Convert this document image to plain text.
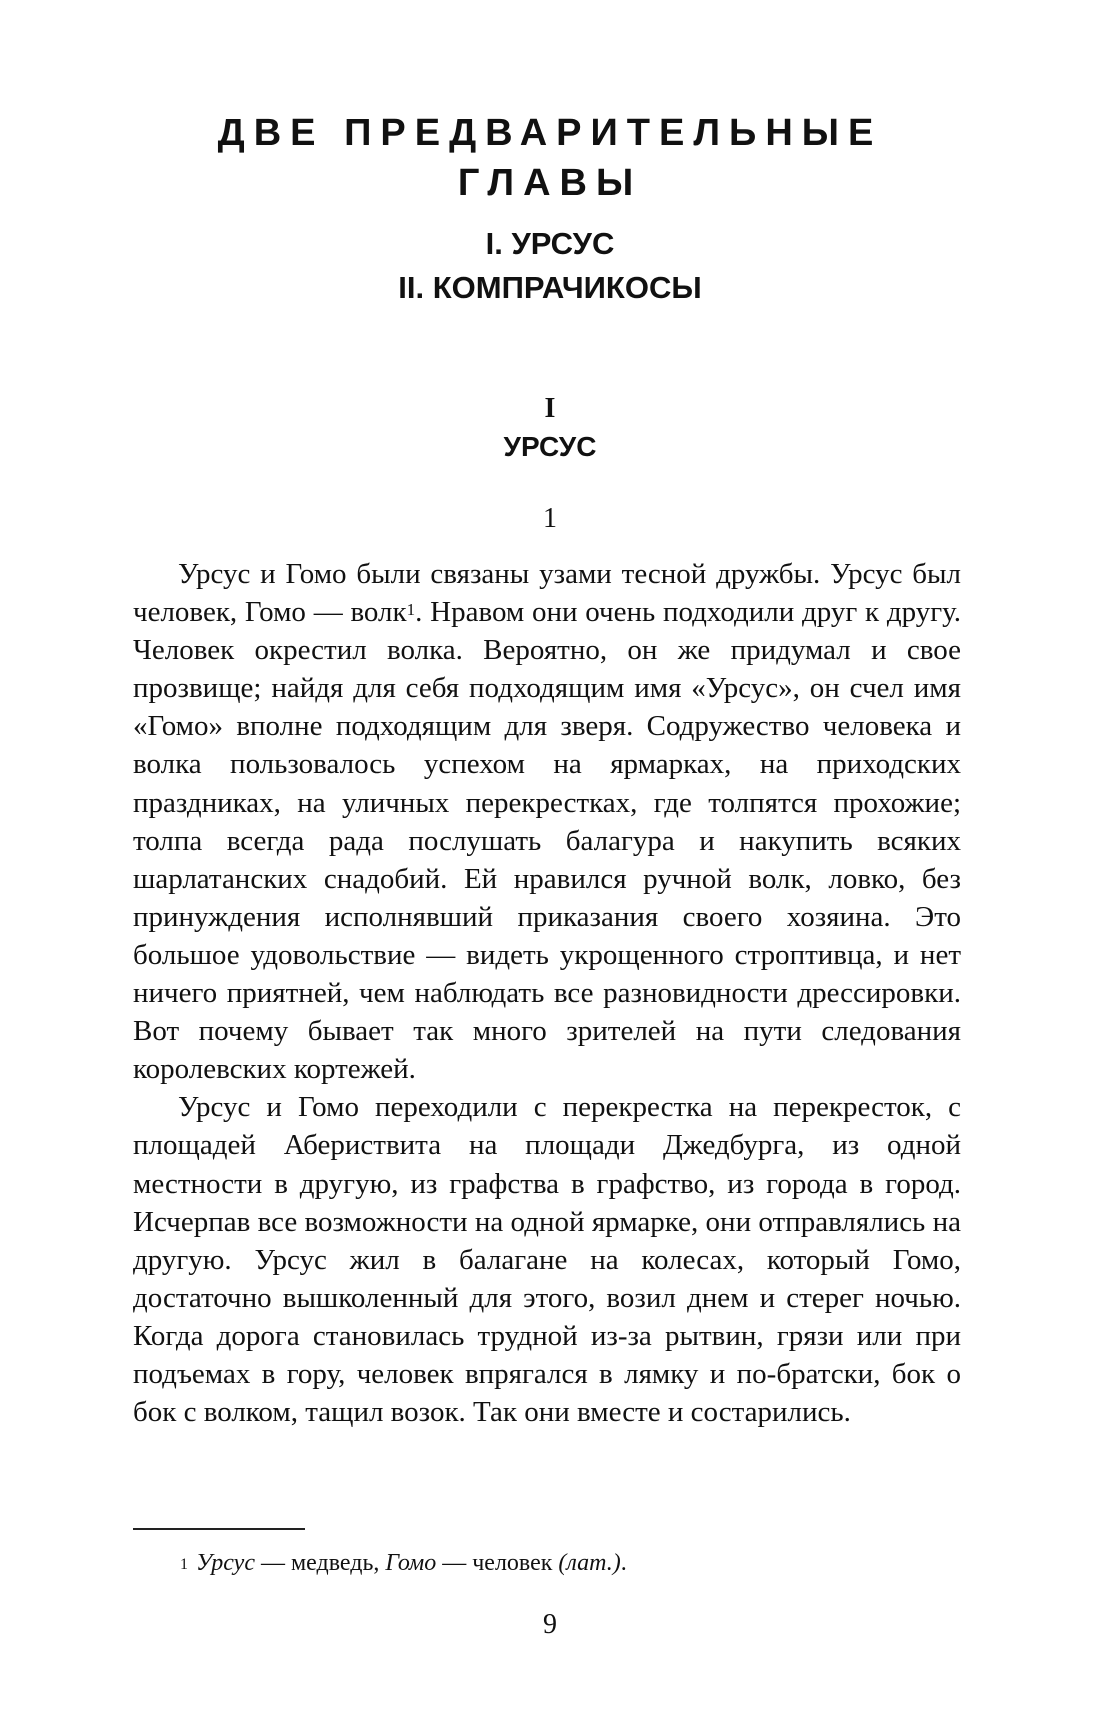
ДВЕ ПРЕДВАРИТЕЛЬНЫЕ
ГЛАВЫ
I. УРСУС
II. КОМПРАЧИКОСЫ
I
УРСУС
1

Урсус и Гомо были связаны узами тесной дружбы. Урсус был человек, Гомо — волк$^1$. Нравом они очень подходили друг к другу. Человек окрестил волка. Вероятно, он же придумал и свое прозвище; найдя для себя подходящим имя «Урсус», он счел имя «Гомо» вполне подходящим для зверя. Содружество человека и волка пользовалось успехом на ярмарках, на приходских праздниках, на уличных перекрестках, где толпятся прохожие; толпа всегда рада послушать балагура и накупить всяких шарлатанских снадобий. Ей нравился ручной волк, ловко, без принуждения исполнявший приказания своего хозяина. Это большое удовольствие — видеть укрощенного строптивца, и нет ничего приятней, чем наблюдать все разновидности дрессировки. Вот почему бывает так много зрителей на пути следования королевских кортежей.

Урсус и Гомо переходили с перекрестка на перекресток, с площадей Абериствита на площади Джедбурга, из одной местности в другую, из графства в графство, из города в город. Исчерпав все возможности на одной ярмарке, они отправлялись на другую. Урсус жил в балагане на колесах, который Гомо, достаточно вышколенный для этого, возил днем и стерег ночью. Когда дорога становилась трудной из-за рытвин, грязи или при подъемах в гору, человек впрягался в лямку и по-братски, бок о бок с волком, тащил возок. Так они вместе и состарились.

$^1$ Урсус — медведь, Гомо — человек (лат.).
9
